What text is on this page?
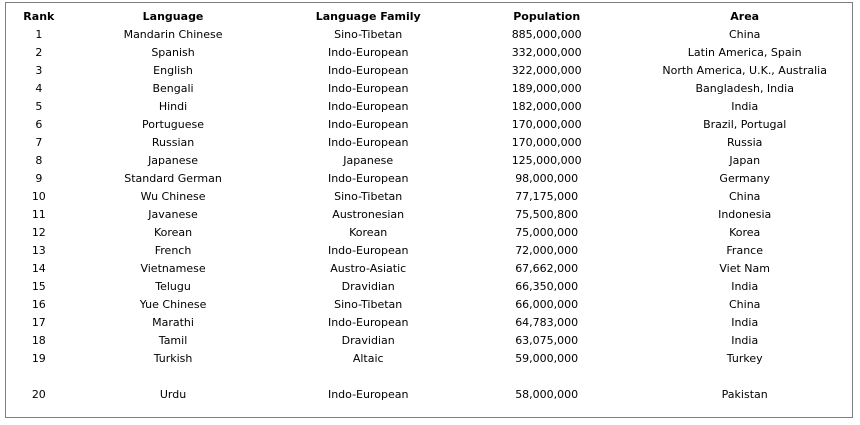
Rank	Language	Language Family	Population	Area
1	Mandarin Chinese	Sino-Tibetan	885,000,000	China
2	Spanish	Indo-European	332,000,000	Latin America, Spain
3	English	Indo-European	322,000,000	North America, U.K., Australia
4	Bengali	Indo-European	189,000,000	Bangladesh, India
5	Hindi	Indo-European	182,000,000	India
6	Portuguese	Indo-European	170,000,000	Brazil, Portugal
7	Russian	Indo-European	170,000,000	Russia
8	Japanese	Japanese	125,000,000	Japan
9	Standard German	Indo-European	98,000,000	Germany
10	Wu Chinese	Sino-Tibetan	77,175,000	China
11	Javanese	Austronesian	75,500,800	Indonesia
12	Korean	Korean	75,000,000	Korea
13	French	Indo-European	72,000,000	France
14	Vietnamese	Austro-Asiatic	67,662,000	Viet Nam
15	Telugu	Dravidian	66,350,000	India
16	Yue Chinese	Sino-Tibetan	66,000,000	China
17	Marathi	Indo-European	64,783,000	India
18	Tamil	Dravidian	63,075,000	India
19	Turkish	Altaic	59,000,000	Turkey

20	Urdu	Indo-European	58,000,000	Pakistan
